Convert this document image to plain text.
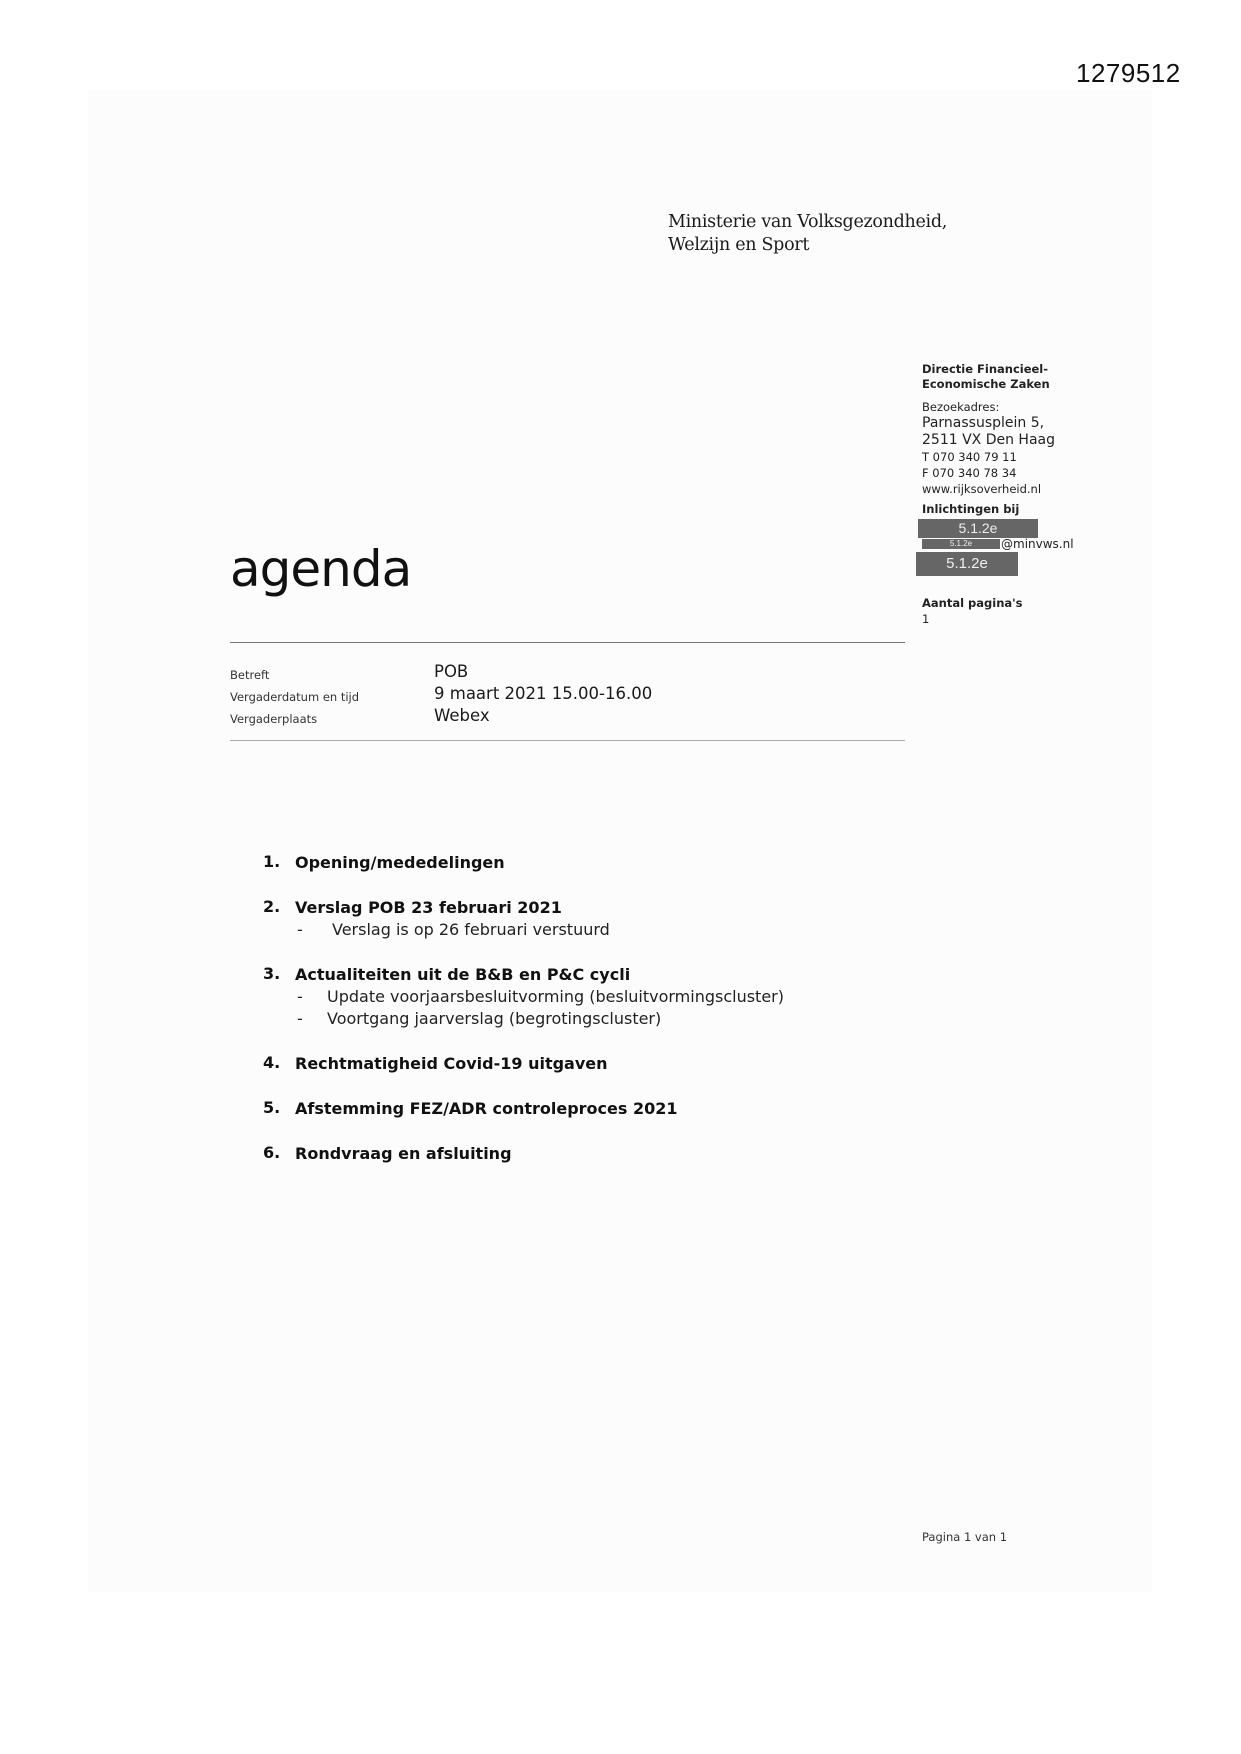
1279512
Ministerie van Volksgezondheid,
Welzijn en Sport
Directie Financieel-
Economische Zaken
Bezoekadres:
Parnassusplein 5,
2511 VX Den Haag
T 070 340 79 11
F 070 340 78 34
www.rijksoverheid.nl
Inlichtingen bij
5.1.2e
5.1.2e	@minvws.nl
5.1.2e
Aantal pagina's
1
agenda
Betreft	POB
Vergaderdatum en tijd	9 maart 2021 15.00-16.00
Vergaderplaats	Webex
1. Opening/mededelingen
2. Verslag POB 23 februari 2021
- Verslag is op 26 februari verstuurd
3. Actualiteiten uit de B&B en P&C cycli
- Update voorjaarsbesluitvorming (besluitvormingscluster)
- Voortgang jaarverslag (begrotingscluster)
4. Rechtmatigheid Covid-19 uitgaven
5. Afstemming FEZ/ADR controleproces 2021
6. Rondvraag en afsluiting
Pagina 1 van 1
